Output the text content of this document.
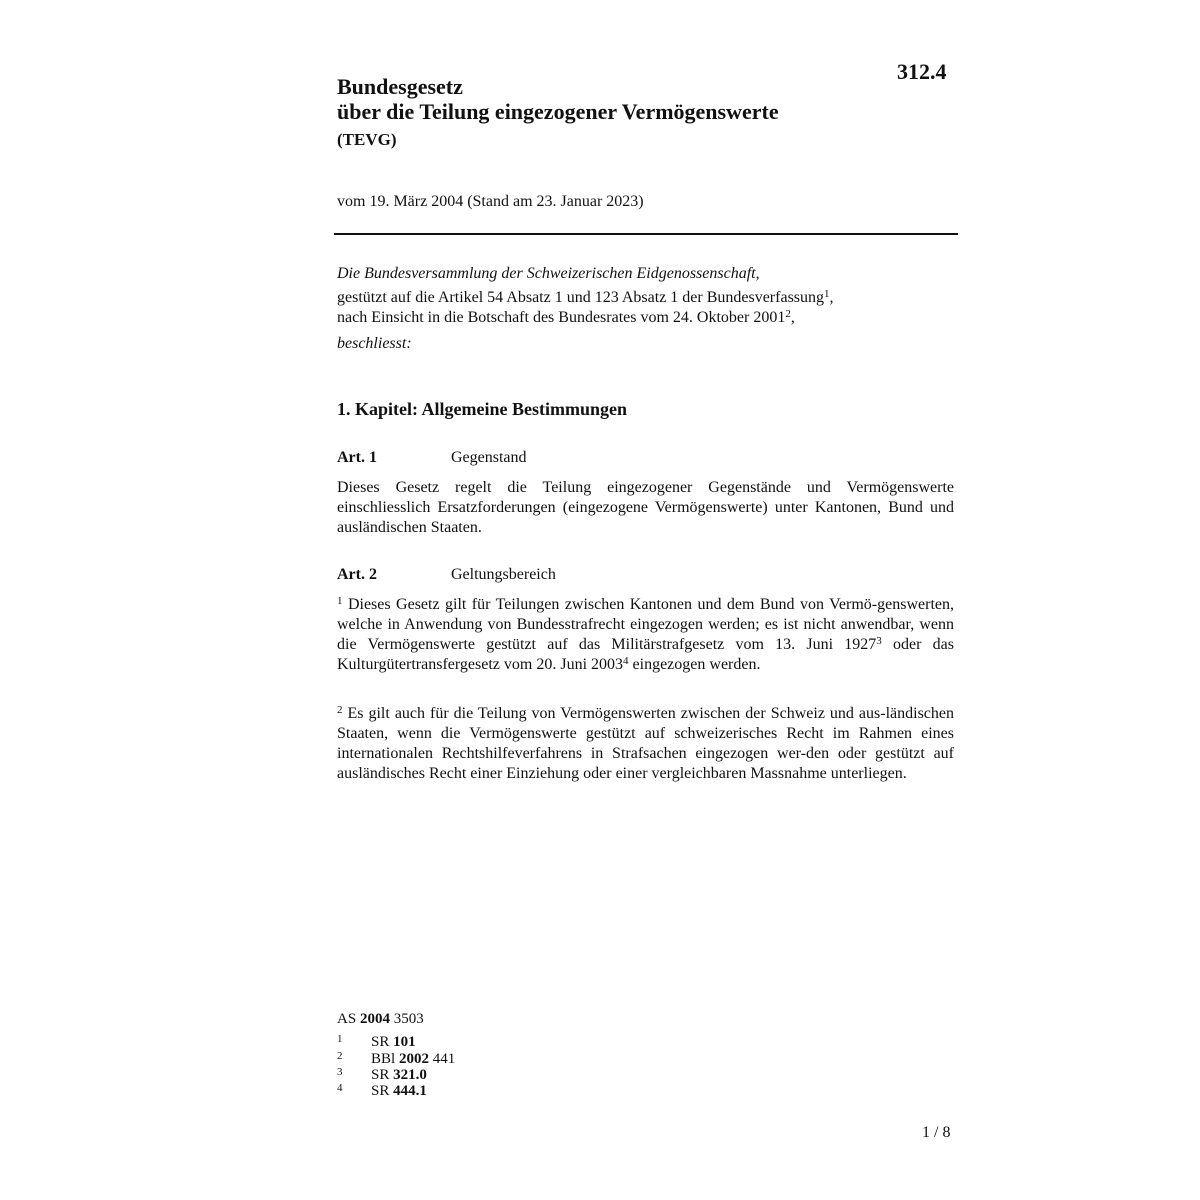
312.4
Bundesgesetz
über die Teilung eingezogener Vermögenswerte
(TEVG)
vom 19. März 2004 (Stand am 23. Januar 2023)

Die Bundesversammlung der Schweizerischen Eidgenossenschaft,

gestützt auf die Artikel 54 Absatz 1 und 123 Absatz 1 der Bundesverfassung$^1$,

nach Einsicht in die Botschaft des Bundesrates vom 24. Oktober 2001$^2$,

beschliesst:

1. Kapitel: Allgemeine Bestimmungen
Art. 1	Gegenstand

Dieses Gesetz regelt die Teilung eingezogener Gegenstände und Vermögenswerte einschliesslich Ersatzforderungen (eingezogene Vermögenswerte) unter Kantonen, Bund und ausländischen Staaten.

Art. 2	Geltungsbereich

$^1$ Dieses Gesetz gilt für Teilungen zwischen Kantonen und dem Bund von Vermö-genswerten, welche in Anwendung von Bundesstrafrecht eingezogen werden; es ist nicht anwendbar, wenn die Vermögenswerte gestützt auf das Militärstrafgesetz vom 13. Juni 1927$^3$ oder das Kulturgütertransfergesetz vom 20. Juni 2003$^4$ eingezogen werden.

$^2$ Es gilt auch für die Teilung von Vermögenswerten zwischen der Schweiz und aus-ländischen Staaten, wenn die Vermögenswerte gestützt auf schweizerisches Recht im Rahmen eines internationalen Rechtshilfeverfahrens in Strafsachen eingezogen wer-den oder gestützt auf ausländisches Recht einer Einziehung oder einer vergleichbaren Massnahme unterliegen.

AS 2004 3503
1 SR 101
2 BBl 2002 441
3 SR 321.0
4 SR 444.1
1 / 8
